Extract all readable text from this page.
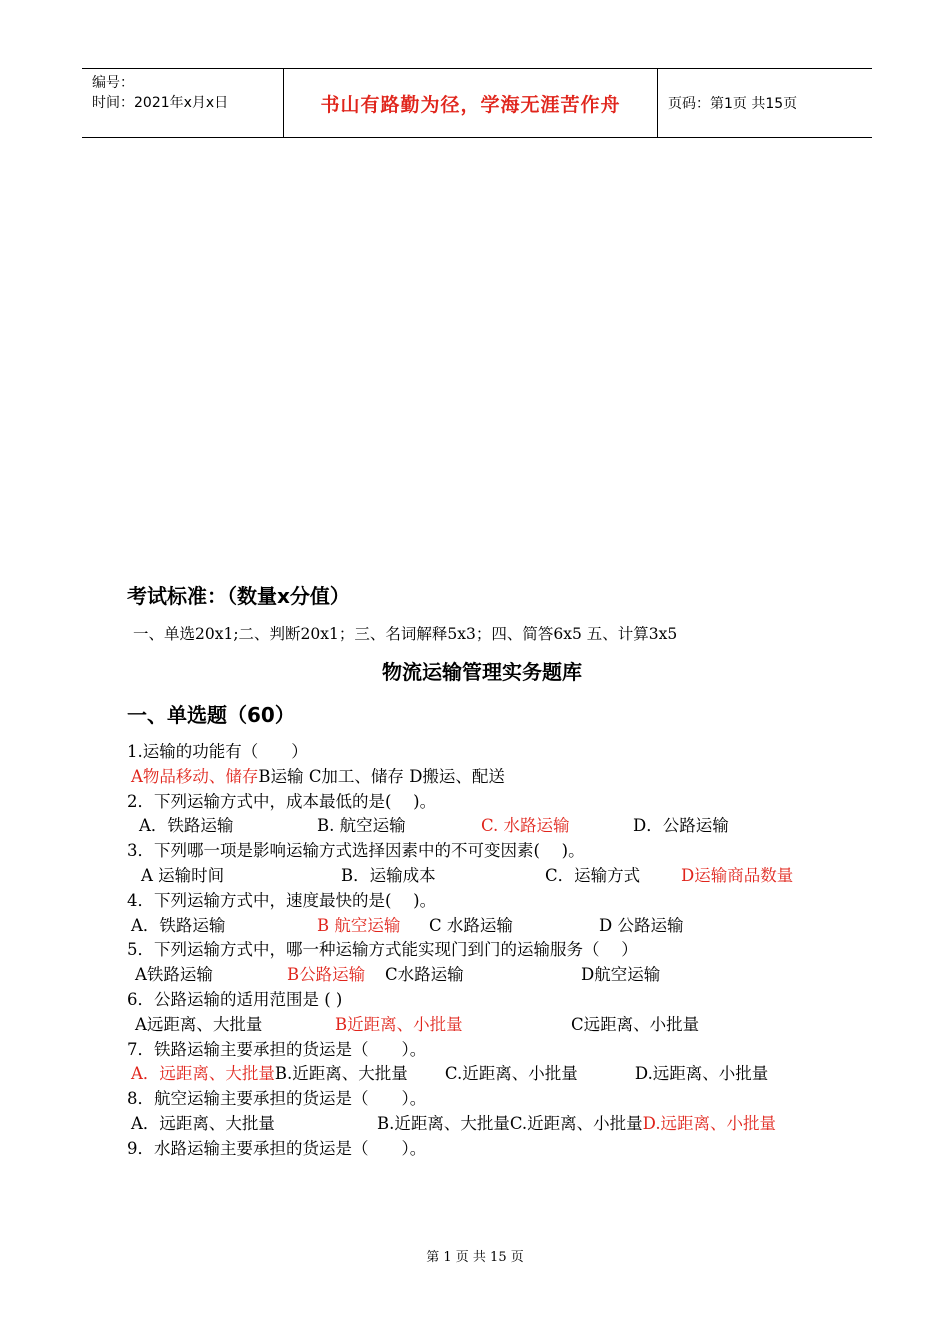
编号：
时间：2021年x月x日	书山有路勤为径，学海无涯苦作舟	页码：第1页 共15页
考试标准：（数量x分值）
一、单选20x1;二、判断20x1；三、名词解释5x3；四、简答6x5 五、计算3x5
物流运输管理实务题库
一、单选题（60）
1.运输的功能有（　　）
A物品移动、储存B运输 C加工、储存 D搬运、配送
2．下列运输方式中，成本最低的是(　 )。
A．铁路运输	B. 航空运输	C. 水路运输	D．公路运输
3．下列哪一项是影响运输方式选择因素中的不可变因素(　 )。
A 运输时间	B．运输成本	C．运输方式 D运输商品数量
4．下列运输方式中，速度最快的是(　 )。
A．铁路运输	B 航空运输 C 水路运输	D 公路运输
5．下列运输方式中，哪一种运输方式能实现门到门的运输服务（　 ）
A铁路运输	B公路运输 C水路运输	D航空运输
6．公路运输的适用范围是 ( )
A远距离、大批量	B近距离、小批量	C远距离、小批量
7．铁路运输主要承担的货运是（　　）。
A．远距离、大批量B.近距离、大批量 C.近距离、小批量	D.远距离、小批量
8．航空运输主要承担的货运是（　　）。
A．远距离、大批量	B.近距离、大批量C.近距离、小批量D.远距离、小批量
9．水路运输主要承担的货运是（　　）。
第 1 页 共 15 页
